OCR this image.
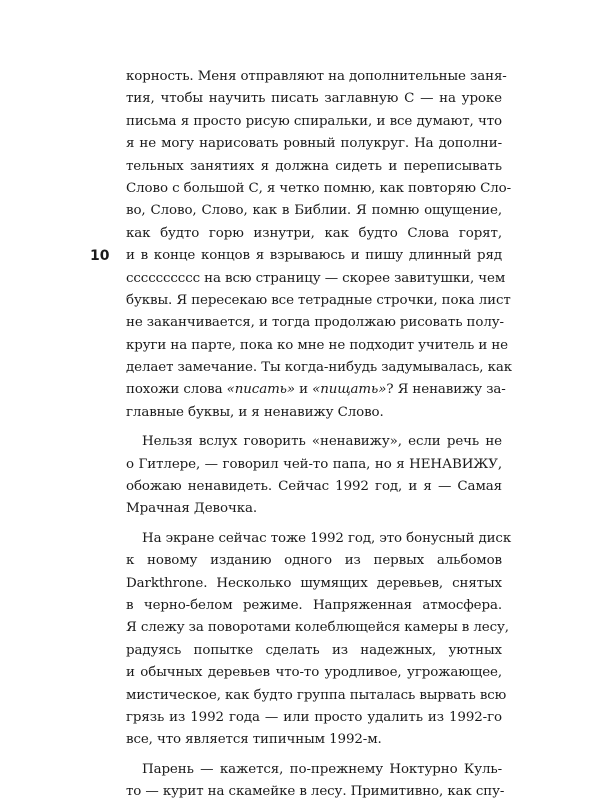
10

корность. Меня отправляют на дополнительные заня-
тия, чтобы научить писать заглавную С — на уроке
письма я просто рисую спиральки, и все думают, что
я не могу нарисовать ровный полукруг. На дополни-
тельных занятиях я должна сидеть и переписывать
Слово с большой С, я четко помню, как повторяю Сло-
во, Слово, Слово, как в Библии. Я помню ощущение,
как будто горю изнутри, как будто Слова горят,
и в конце концов я взрываюсь и пишу длинный ряд
сссссссссс на всю страницу — скорее завитушки, чем
буквы. Я пересекаю все тетрадные строчки, пока лист
не заканчивается, и тогда продолжаю рисовать полу-
круги на парте, пока ко мне не подходит учитель и не
делает замечание. Ты когда-нибудь задумывалась, как
похожи слова «писать» и «пищать»? Я ненавижу за-
главные буквы, и я ненавижу Слово.

Нельзя вслух говорить «ненавижу», если речь не
о Гитлере, — говорил чей-то папа, но я НЕНАВИЖУ,
обожаю ненавидеть. Сейчас 1992 год, и я — Самая
Мрачная Девочка.

На экране сейчас тоже 1992 год, это бонусный диск
к новому изданию одного из первых альбомов
Darkthrone. Несколько шумящих деревьев, снятых
в черно-белом режиме. Напряженная атмосфера.
Я слежу за поворотами колеблющейся камеры в лесу,
радуясь попытке сделать из надежных, уютных
и обычных деревьев что-то уродливое, угрожающее,
мистическое, как будто группа пыталась вырвать всю
грязь из 1992 года — или просто удалить из 1992-го
все, что является типичным 1992-м.

Парень — кажется, по-прежнему Ноктурно Куль-
то — курит на скамейке в лесу. Примитивно, как спу-
